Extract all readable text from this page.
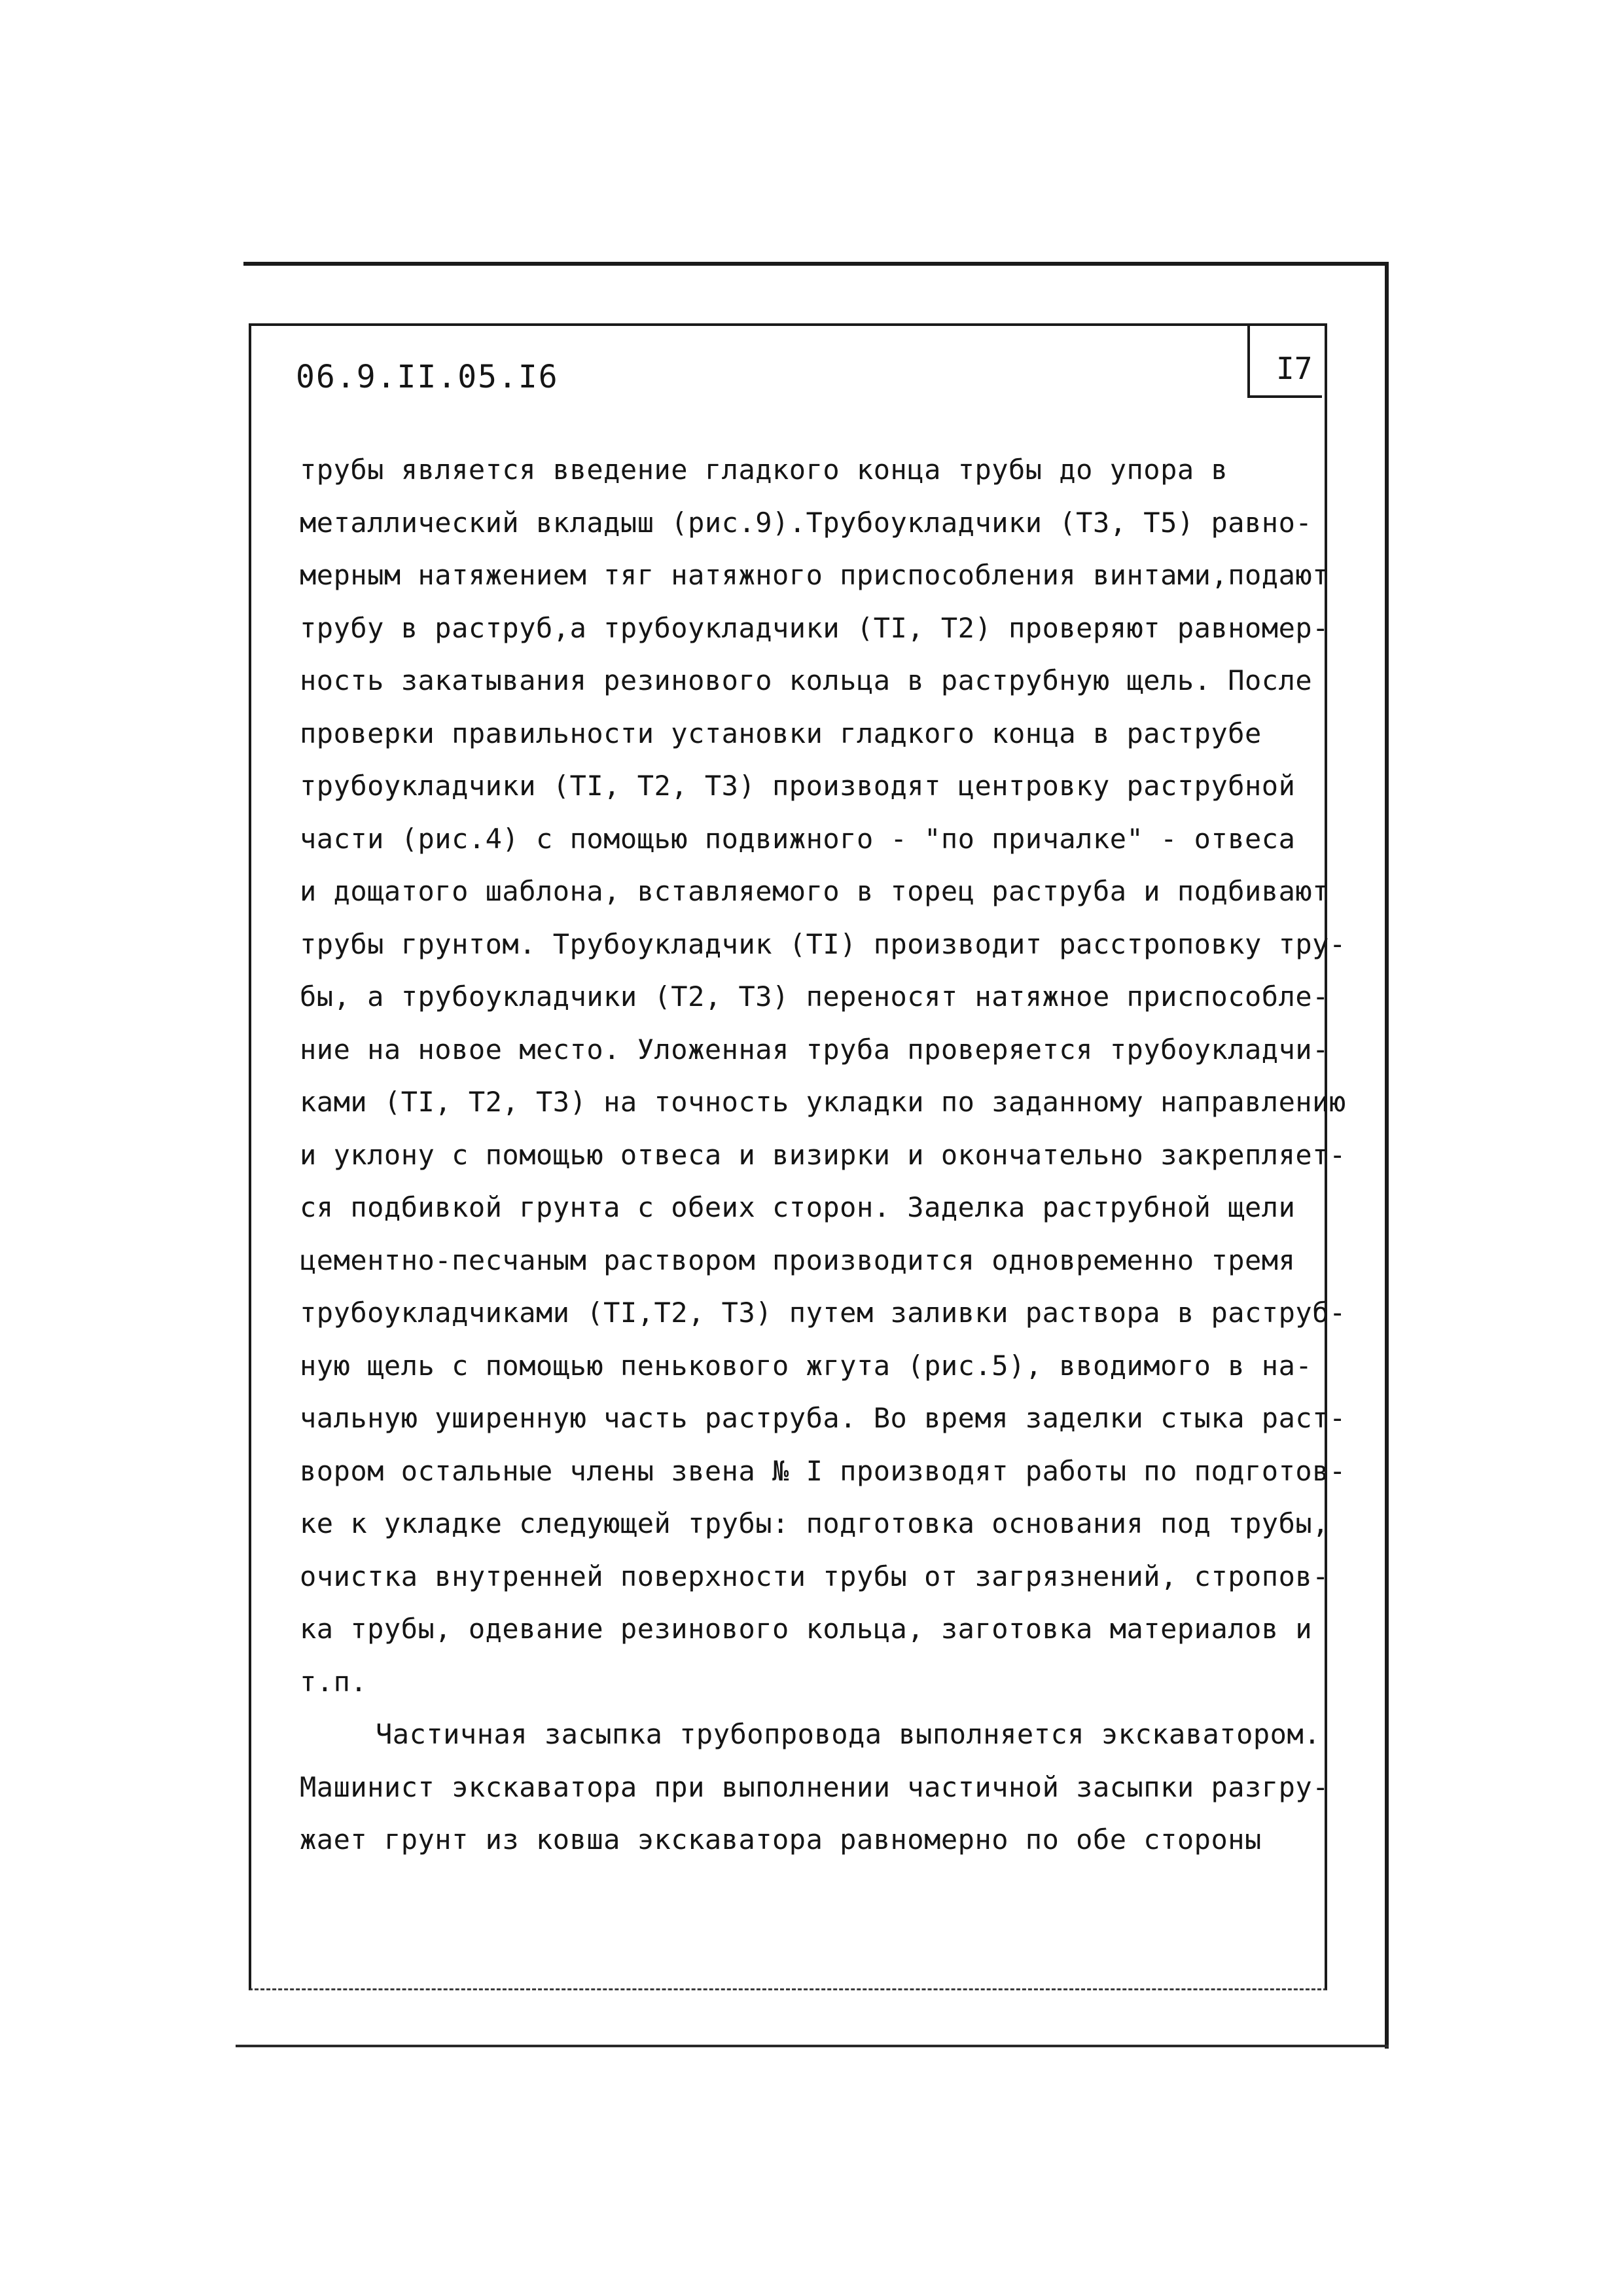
06.9.II.05.I6	I7
трубы является введение гладкого конца трубы до упора в
металлический вкладыш (рис.9).Трубоукладчики (Т3, Т5) равно-
мерным натяжением тяг натяжного приспособления винтами,подают
трубу в раструб,а трубоукладчики (ТI, Т2) проверяют равномер-
ность закатывания резинового кольца в раструбную щель. После
проверки правильности установки гладкого конца в раструбе
трубоукладчики (ТI, Т2, Т3) производят центровку раструбной
части (рис.4) с помощью подвижного - "по причалке" - отвеса
и дощатого шаблона, вставляемого в торец раструба и подбивают
трубы грунтом. Трубоукладчик (ТI) производит расстроповку тру-
бы, а трубоукладчики (Т2, Т3) переносят натяжное приспособле-
ние на новое место. Уложенная труба проверяется трубоукладчи-
ками (ТI, Т2, Т3) на точность укладки по заданному направлению
и уклону с помощью отвеса и визирки и окончательно закрепляет-
ся подбивкой грунта с обеих сторон. Заделка раструбной щели
цементно-песчаным раствором производится одновременно тремя
трубоукладчиками (ТI,Т2, Т3) путем заливки раствора в раструб-
ную щель с помощью пенькового жгута (рис.5), вводимого в на-
чальную уширенную часть раструба. Во время заделки стыка раст-
вором остальные члены звена № I производят работы по подготов-
ке к укладке следующей трубы: подготовка основания под трубы,
очистка внутренней поверхности трубы от загрязнений, стропов-
ка трубы, одевание резинового кольца, заготовка материалов и
т.п.
Частичная засыпка трубопровода выполняется экскаватором.
Машинист экскаватора при выполнении частичной засыпки разгру-
жает грунт из ковша экскаватора равномерно по обе стороны
